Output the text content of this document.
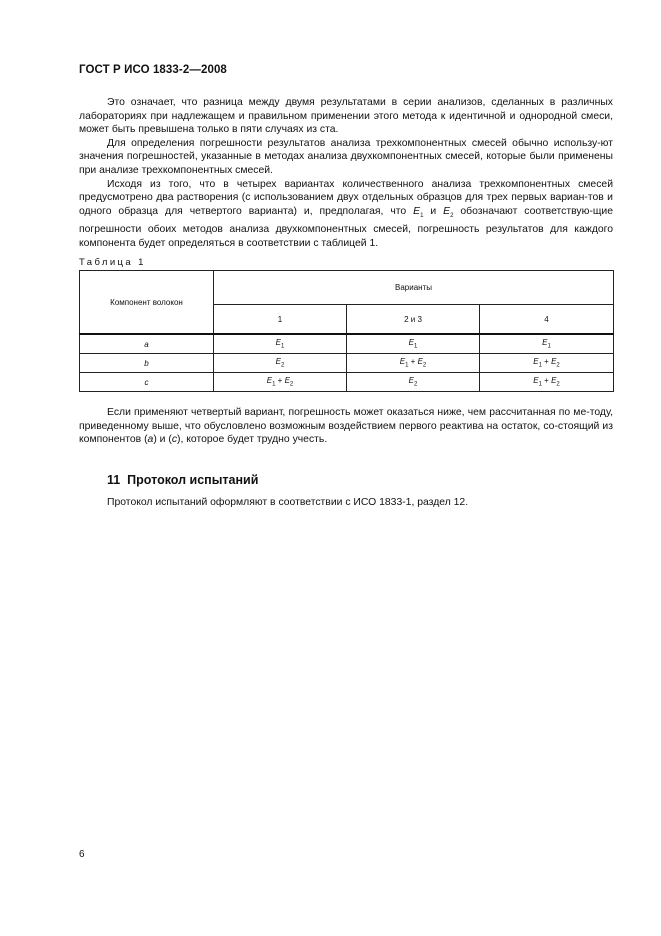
ГОСТ Р ИСО 1833-2—2008

Это означает, что разница между двумя результатами в серии анализов, сделанных в различных лабораториях при надлежащем и правильном применении этого метода к идентичной и однородной смеси, может быть превышена только в пяти случаях из ста.

Для определения погрешности результатов анализа трехкомпонентных смесей обычно использу-ют значения погрешностей, указанные в методах анализа двухкомпонентных смесей, которые были применены при анализе трехкомпонентных смесей.

Исходя из того, что в четырех вариантах количественного анализа трехкомпонентных смесей предусмотрено два растворения (с использованием двух отдельных образцов для трех первых вариан-тов и одного образца для четвертого варианта) и, предполагая, что $E_1$ и $E_2$ обозначают соответствую-щие погрешности обоих методов анализа двухкомпонентных смесей, погрешность результатов для каждого компонента будет определяться в соответствии с таблицей 1.

Таблица 1
Компонент волокон	Варианты		
	1	2 и 3	4
a	$E_1$	$E_1$	$E_1$
b	$E_2$	$E_1 + E_2$	$E_1 + E_2$
c	$E_1 + E_2$	$E_2$	$E_1 + E_2$

Если применяют четвертый вариант, погрешность может оказаться ниже, чем рассчитанная по ме-тоду, приведенному выше, что обусловлено возможным воздействием первого реактива на остаток, со-стоящий из компонентов (а) и (с), которое будет трудно учесть.

11 Протокол испытаний

Протокол испытаний оформляют в соответствии с ИСО 1833-1, раздел 12.

6
